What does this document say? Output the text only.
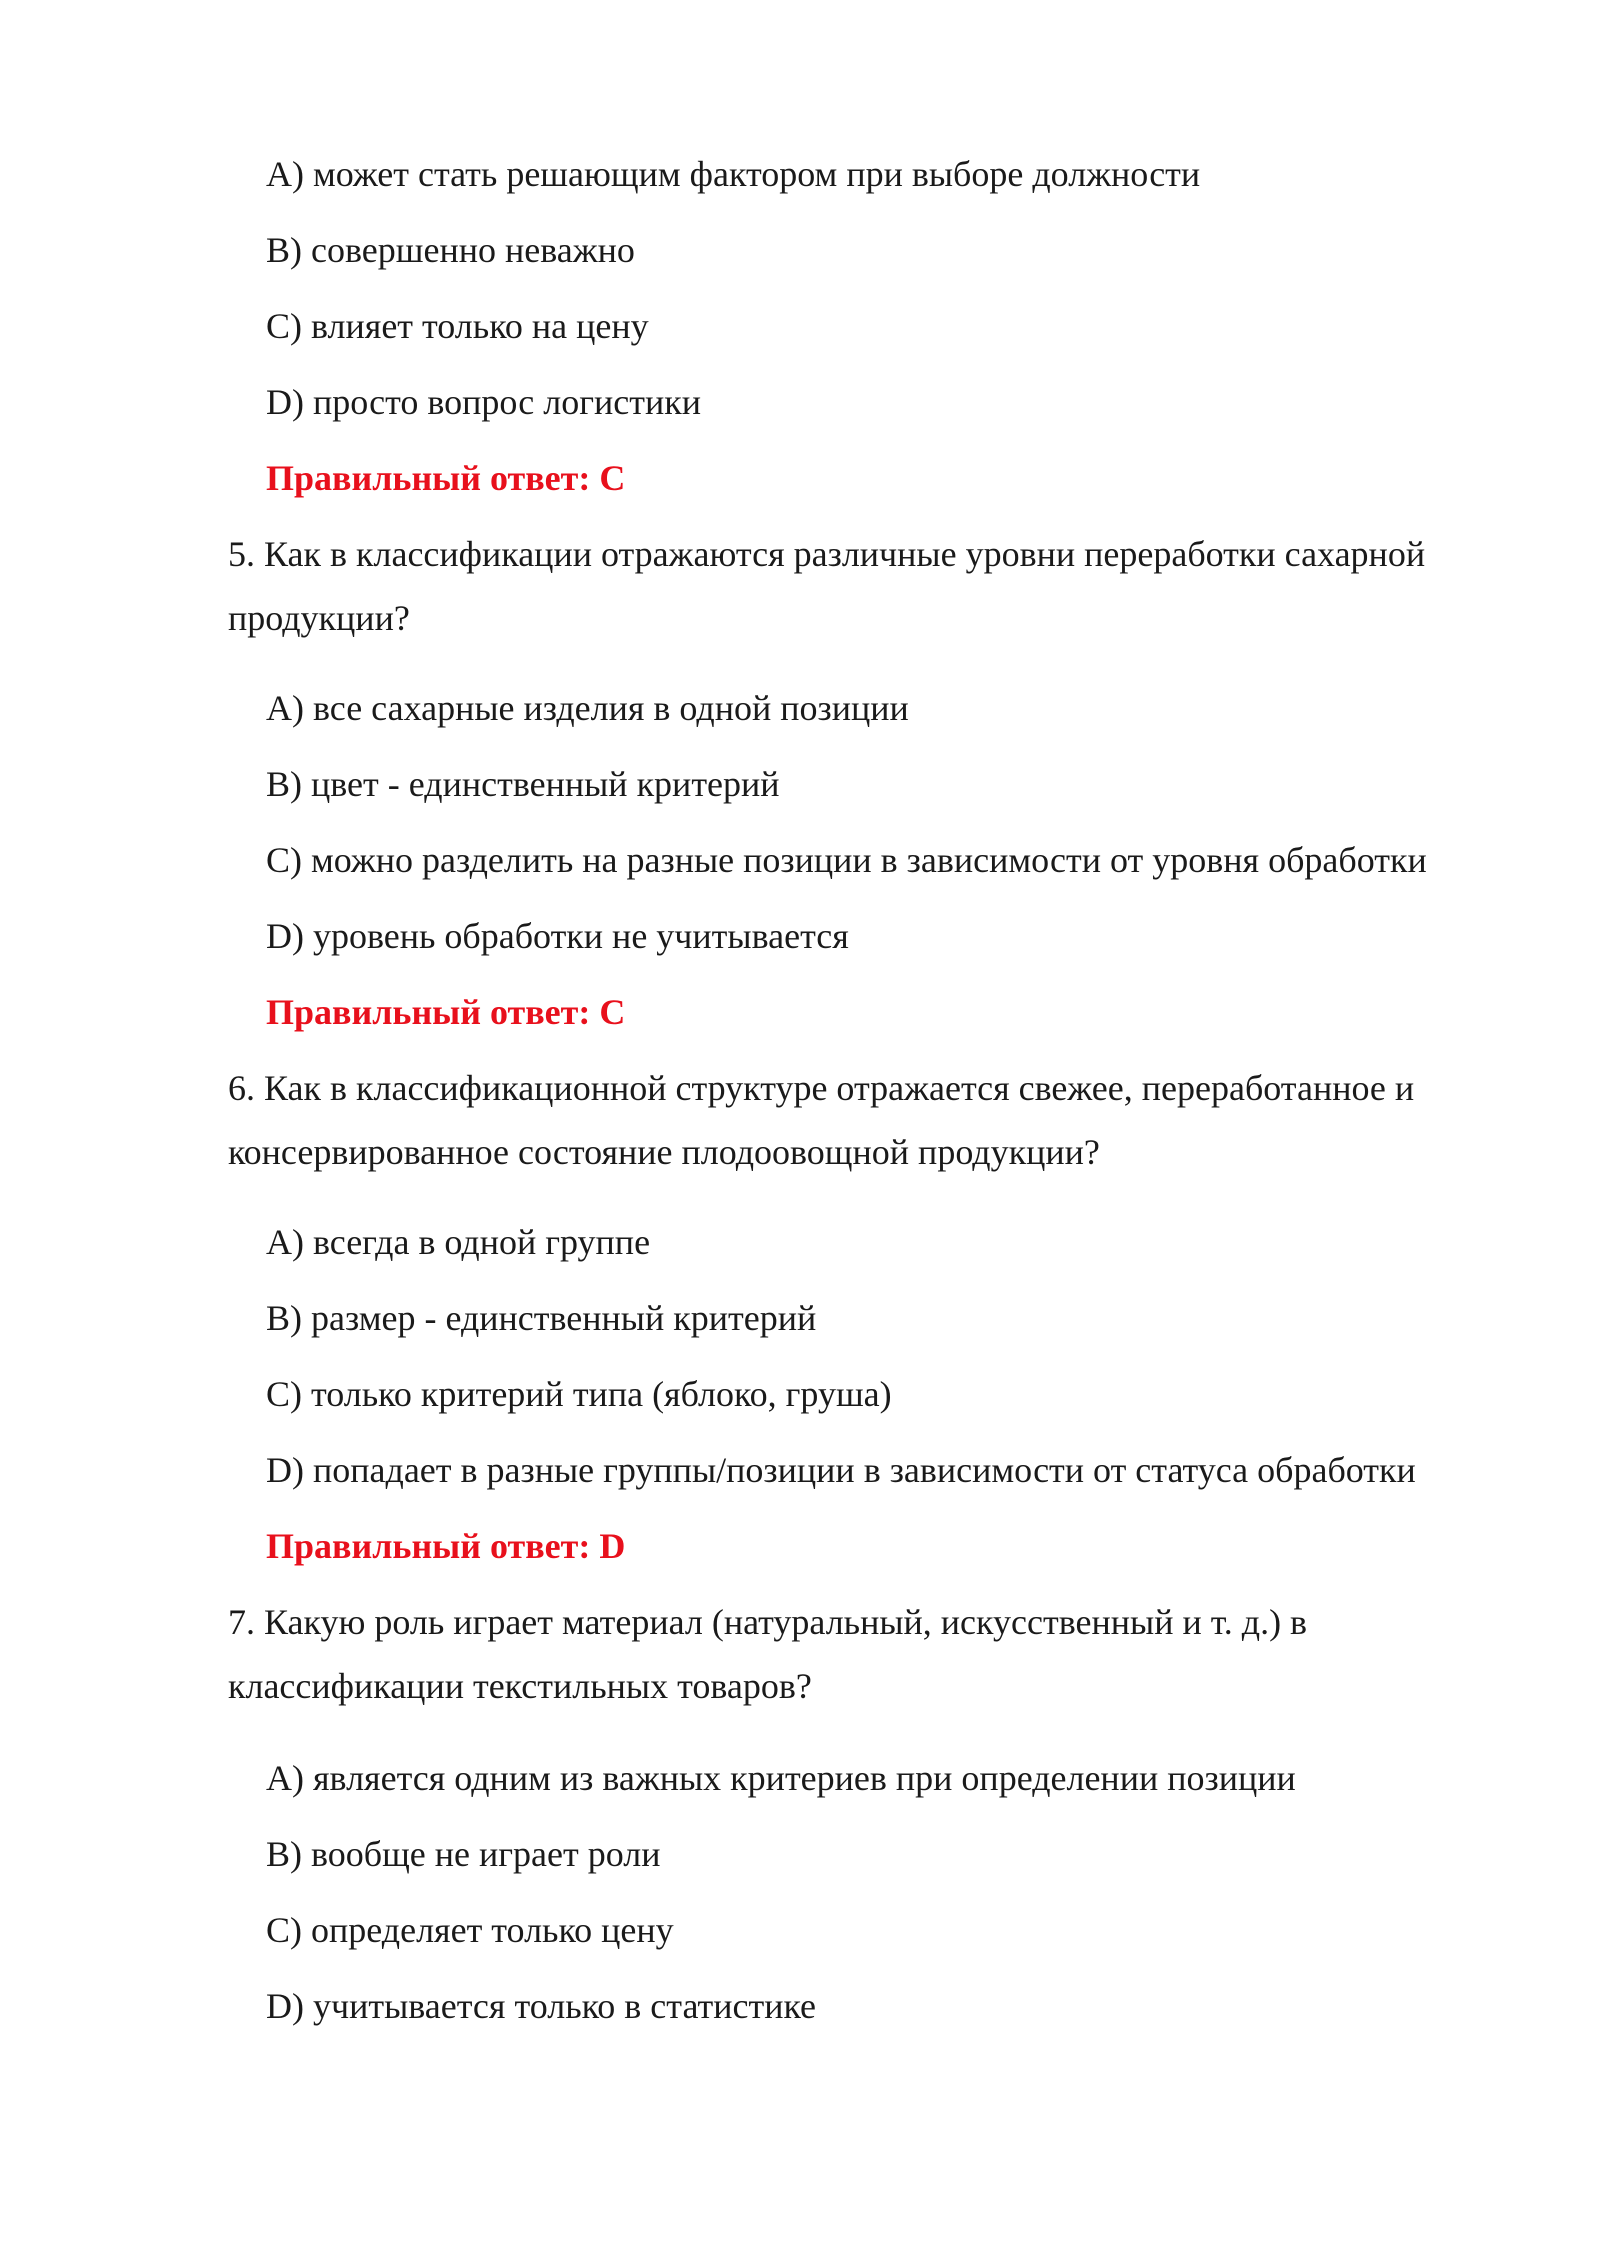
A) может стать решающим фактором при выборе должности
B) совершенно неважно
C) влияет только на цену
D) просто вопрос логистики
Правильный ответ: C
5. Как в классификации отражаются различные уровни переработки сахарной
продукции?
A) все сахарные изделия в одной позиции
B) цвет - единственный критерий
C) можно разделить на разные позиции в зависимости от уровня обработки
D) уровень обработки не учитывается
Правильный ответ: C
6. Как в классификационной структуре отражается свежее, переработанное и
консервированное состояние плодоовощной продукции?
A) всегда в одной группе
B) размер - единственный критерий
C) только критерий типа (яблоко, груша)
D) попадает в разные группы/позиции в зависимости от статуса обработки
Правильный ответ: D
7. Какую роль играет материал (натуральный, искусственный и т. д.) в
классификации текстильных товаров?
A) является одним из важных критериев при определении позиции
B) вообще не играет роли
C) определяет только цену
D) учитывается только в статистике
